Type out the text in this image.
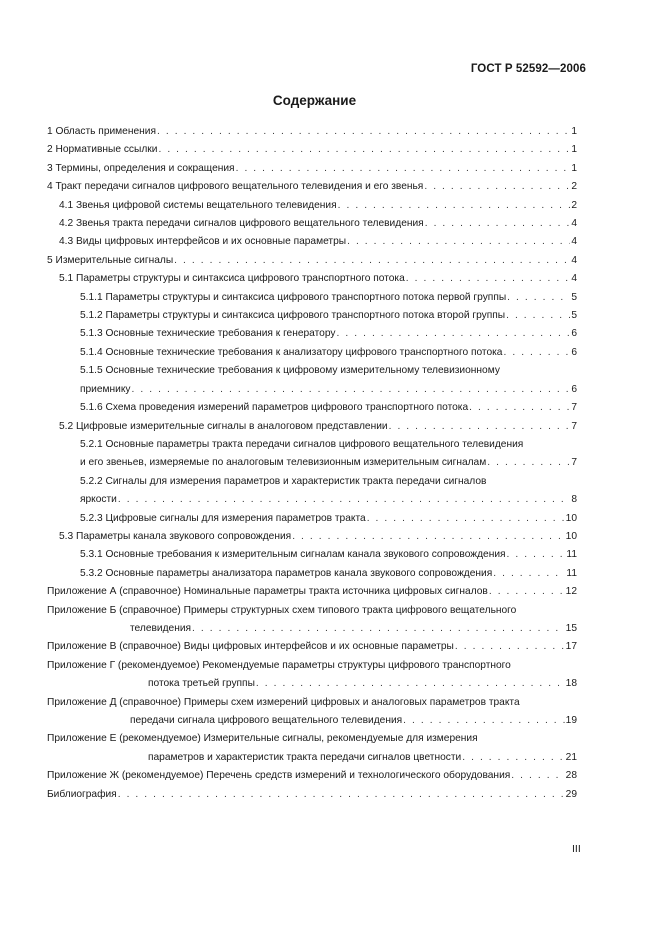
ГОСТ Р 52592—2006
Содержание
1 Область применения . . .	1
2 Нормативные ссылки . . .	1
3 Термины, определения и сокращения . . .	1
4 Тракт передачи сигналов цифрового вещательного телевидения и его звенья . . .	2
4.1 Звенья цифровой системы вещательного телевидения . . .	2
4.2 Звенья тракта передачи сигналов цифрового вещательного телевидения . . .	4
4.3 Виды цифровых интерфейсов и их основные параметры . . .	4
5 Измерительные сигналы . . .	4
5.1 Параметры структуры и синтаксиса цифрового транспортного потока . . .	4
5.1.1 Параметры структуры и синтаксиса цифрового транспортного потока первой группы . . .	5
5.1.2 Параметры структуры и синтаксиса цифрового транспортного потока второй группы . . .	5
5.1.3 Основные технические требования к генератору . . .	6
5.1.4 Основные технические требования к анализатору цифрового транспортного потока . . .	6
5.1.5 Основные технические требования к цифровому измерительному телевизионному
приемнику . . .	6
5.1.6 Схема проведения измерений параметров цифрового транспортного потока . . .	7
5.2 Цифровые измерительные сигналы в аналоговом представлении . . .	7
5.2.1 Основные параметры тракта передачи сигналов цифрового вещательного телевидения
и его звеньев, измеряемые по аналоговым телевизионным измерительным сигналам . . .	7
5.2.2 Сигналы для измерения параметров и характеристик тракта передачи сигналов
яркости . . .	8
5.2.3 Цифровые сигналы для измерения параметров тракта . . .	10
5.3 Параметры канала звукового сопровождения . . .	10
5.3.1 Основные требования к измерительным сигналам канала звукового сопровождения . . .	11
5.3.2 Основные параметры анализатора параметров канала звукового сопровождения . . .	11
Приложение А (справочное) Номинальные параметры тракта источника цифровых сигналов . . .	12
Приложение Б (справочное) Примеры структурных схем типового тракта цифрового вещательного
телевидения . . .	15
Приложение В (справочное) Виды цифровых интерфейсов и их основные параметры . . .	17
Приложение Г (рекомендуемое) Рекомендуемые параметры структуры цифрового транспортного
потока третьей группы . . .	18
Приложение Д (справочное) Примеры схем измерений цифровых и аналоговых параметров тракта
передачи сигнала цифрового вещательного телевидения . . .	19
Приложение Е (рекомендуемое) Измерительные сигналы, рекомендуемые для измерения
параметров и характеристик тракта передачи сигналов цветности . . .	21
Приложение Ж (рекомендуемое) Перечень средств измерений и технологического оборудования . . .	28
Библиография . . .	29
III
